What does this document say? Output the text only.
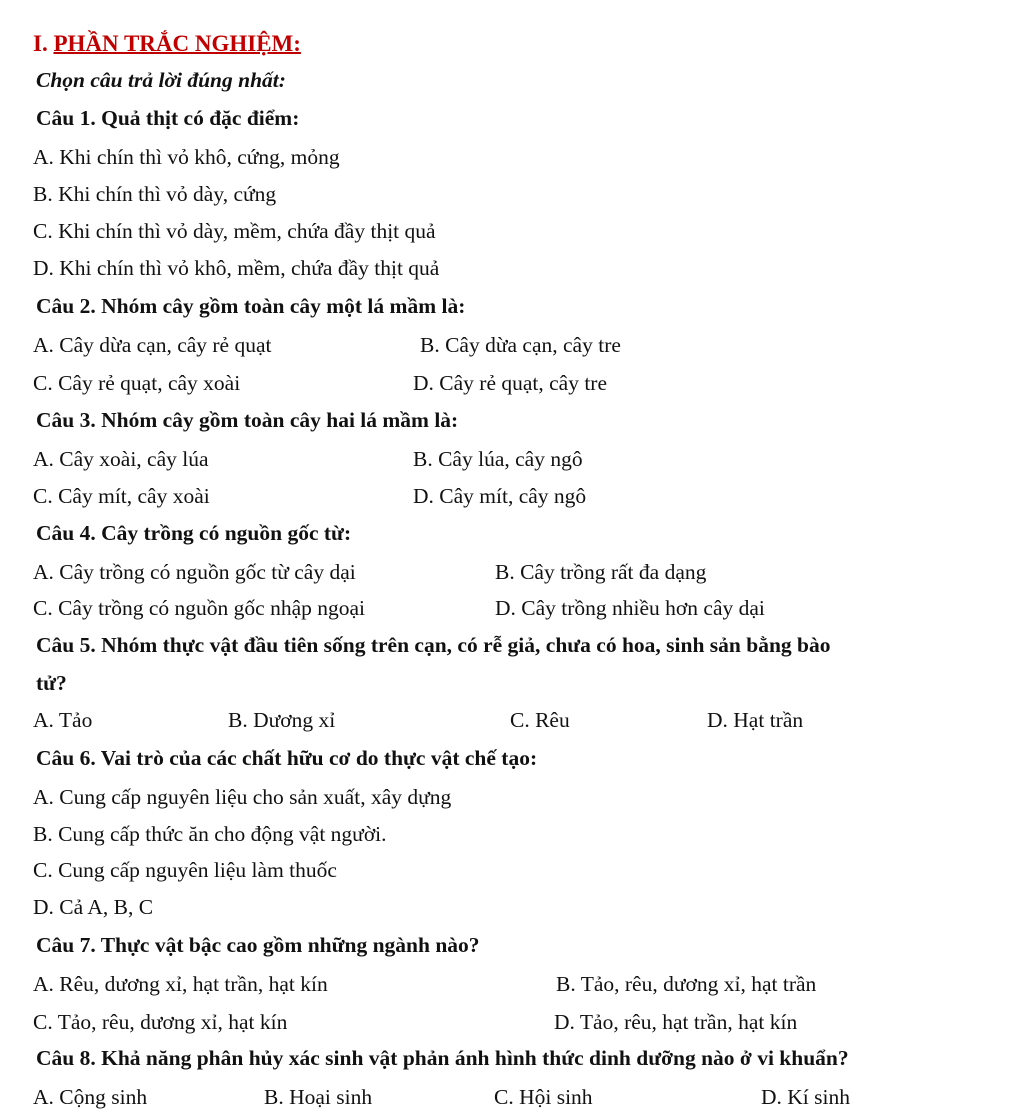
I. PHẦN TRẮC NGHIỆM:
Chọn câu trả lời đúng nhất:
Câu 1. Quả thịt có đặc điểm:
A. Khi chín thì vỏ khô, cứng, mỏng
B. Khi chín thì vỏ dày, cứng
C. Khi chín thì vỏ dày, mềm, chứa đầy thịt quả
D. Khi chín thì vỏ khô, mềm, chứa đầy thịt quả
Câu 2. Nhóm cây gồm toàn cây một lá mầm là:
A. Cây dừa cạn, cây rẻ quạt	B. Cây dừa cạn, cây tre
C. Cây rẻ quạt, cây xoài	D. Cây rẻ quạt, cây tre
Câu 3. Nhóm cây gồm toàn cây hai lá mầm là:
A. Cây xoài, cây lúa	B. Cây lúa, cây ngô
C. Cây mít, cây xoài	D. Cây mít, cây ngô
Câu 4. Cây trồng có nguồn gốc từ:
A. Cây trồng có nguồn gốc từ cây dại	B. Cây trồng rất đa dạng
C. Cây trồng có nguồn gốc nhập ngoại	D. Cây trồng nhiều hơn cây dại
Câu 5. Nhóm thực vật đầu tiên sống trên cạn, có rễ giả, chưa có hoa, sinh sản bằng bào
tử?
A. Tảo	B. Dương xỉ	C. Rêu	D. Hạt trần
Câu 6. Vai trò của các chất hữu cơ do thực vật chế tạo:
A. Cung cấp nguyên liệu cho sản xuất, xây dựng
B. Cung cấp thức ăn cho động vật người.
C. Cung cấp nguyên liệu làm thuốc
D. Cả A, B, C
Câu 7. Thực vật bậc cao gồm những ngành nào?
A. Rêu, dương xỉ, hạt trần, hạt kín	B. Tảo, rêu, dương xỉ, hạt trần
C. Tảo, rêu, dương xỉ, hạt kín	D. Tảo, rêu, hạt trần, hạt kín
Câu 8. Khả năng phân hủy xác sinh vật phản ánh hình thức dinh dưỡng nào ở vi khuẩn?
A. Cộng sinh	B. Hoại sinh	C. Hội sinh	D. Kí sinh
